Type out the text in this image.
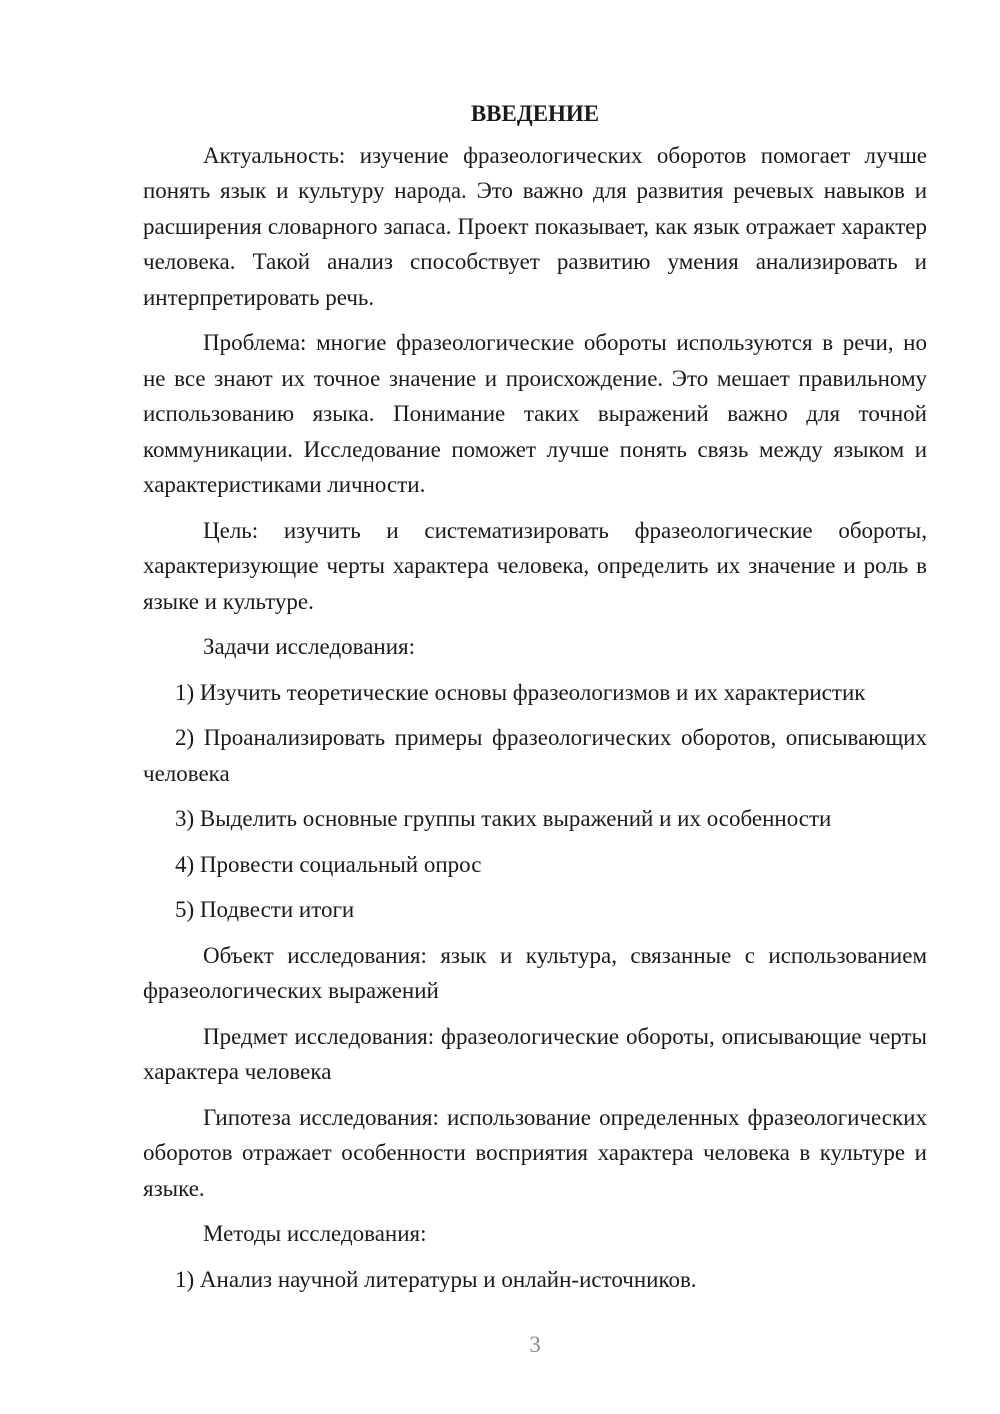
ВВЕДЕНИЕ

Актуальность: изучение фразеологических оборотов помогает лучше понять язык и культуру народа. Это важно для развития речевых навыков и расширения словарного запаса. Проект показывает, как язык отражает характер человека. Такой анализ способствует развитию умения анализировать и интерпретировать речь.

Проблема: многие фразеологические обороты используются в речи, но не все знают их точное значение и происхождение. Это мешает правильному использованию языка. Понимание таких выражений важно для точной коммуникации. Исследование поможет лучше понять связь между языком и характеристиками личности.

Цель: изучить и систематизировать фразеологические обороты, характеризующие черты характера человека, определить их значение и роль в языке и культуре.

Задачи исследования:

1) Изучить теоретические основы фразеологизмов и их характеристик

2) Проанализировать примеры фразеологических оборотов, описывающих человека

3) Выделить основные группы таких выражений и их особенности

4) Провести социальный опрос

5) Подвести итоги

Объект исследования: язык и культура, связанные с использованием фразеологических выражений

Предмет исследования: фразеологические обороты, описывающие черты характера человека

Гипотеза исследования: использование определенных фразеологических оборотов отражает особенности восприятия характера человека в культуре и языке.

Методы исследования:

1) Анализ научной литературы и онлайн-источников.

3
